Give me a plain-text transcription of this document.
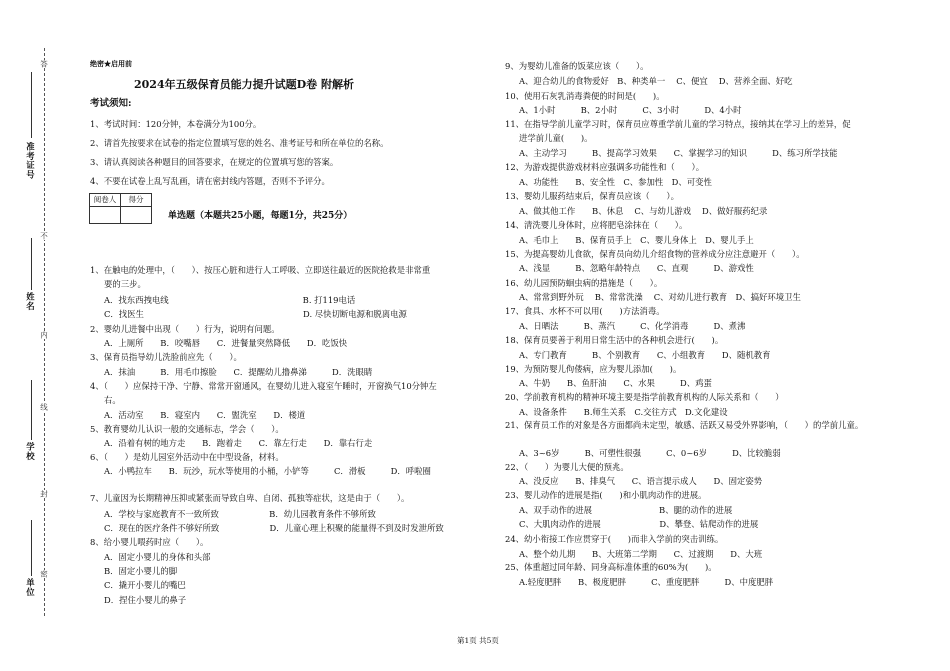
答
不
内
线
封
密
准考证号
姓名
学校
单位
绝密★启用前
2024年五级保育员能力提升试题D卷 附解析
考试须知:
1、考试时间：120分钟，本卷满分为100分。
2、请首先按要求在试卷的指定位置填写您的姓名、准考证号和所在单位的名称。
3、请认真阅读各种题目的回答要求，在规定的位置填写您的答案。
4、不要在试卷上乱写乱画，请在密封线内答题，否则不予评分。
阅卷人	得分

单选题（本题共25小题，每题1分，共25分）
1、在触电的处理中，（　　）、按压心脏和进行人工呼吸、立即送往最近的医院抢救是非常重
要的三步。
A．找东西拽电线　　　　　　　　　　　　　　　　B. 打119电话
C．找医生　　　　　　　　　　　　　　　　　　　D. 尽快切断电源和脱离电源
2、婴幼儿进餐中出现（　　）行为，说明有问题。
A．上厕所　　B．咬嘴唇　　C．进餐量突然降低　　D．吃饭快
3、保育员指导幼儿洗脸前应先（　　）。
A．抹油　　　B．用毛巾擦脸　　C．提醒幼儿撸鼻涕　　　D．洗眼睛
4、（　　）应保持干净、宁静、常常开窗通风，在婴幼儿进入寝室午睡时，开窗换气10分钟左
右。
A．活动室　　B．寝室内　　C．盥洗室　　D．楼道
5、教育婴幼儿认识一般的交通标志，学会（　　）。
A．沿着有树的地方走　　B．跑着走　　C．靠左行走　　D．靠右行走
6、（　　）是幼儿园室外活动中在中型设备，材料。
A．小鸭拉车　　B．玩沙，玩水等使用的小桶，小铲等　　　C．滑板　　　D．呼啦圈
7、儿童因为长期精神压抑或紧张而导致自卑、自闭、孤独等症状，这是由于（　　）。
A．学校与家庭教育不一致所致　　　　　　B．幼儿园教育条件不够所致
C．现在的医疗条件不够好所致　　　　　　D．儿童心理上积聚的能量得不到及时发泄所致
8、给小婴儿喂药时应（　　）。
A．固定小婴儿的身体和头部
B．固定小婴儿的脚
C．撬开小婴儿的嘴巴
D．捏住小婴儿的鼻子
9、为婴幼儿准备的饭菜应该（　　）。
A、迎合幼儿的食物爱好　B、种类单一　 C、便宜　 D、营养全面、好吃
10、使用石灰乳消毒粪便的时间是(　　)。
A、1小时　　　B、2小时　　　C、3小时　　　D、4小时
11、在指导学前儿童学习时，保育员应尊重学前儿童的学习特点，接纳其在学习上的差异，促
进学前儿童(　　)。
A、主动学习　　　B、提高学习效果　　C、掌握学习的知识　　　D、练习所学技能
12、为游戏提供游戏材料应强调多功能性和（　　）。
A、功能性　　B、安全性　C、参加性　D、可变性
13、婴幼儿服药结束后，保育员应该（　　）。
A、做其他工作　　B、休息　 C、与幼儿游戏　 D、做好服药纪录
14、清洗婴儿身体时，应将肥皂涂抹在（　　）。
A、毛巾上　　B、保育员手上　C、婴儿身体上　D、婴儿手上
15、为提高婴幼儿食欲，保育员向幼儿介绍食物的营养成分应注意避开（　　）。
A、浅显　　　B、忽略年龄特点　　C、直观　　　D、游戏性
16、幼儿园预防蛔虫病的措施是（　　）。
A、常常到野外玩　 B、常常洗澡　 C、对幼儿进行教育　D、搞好环境卫生
17、食具、水杯不可以用(　　)方法消毒。
A、日晒法　　　B、蒸汽　　　C、化学消毒　　　D、煮沸
18、保育员要善于利用日常生活中的各种机会进行(　　)。
A、专门教育　　　B、个别教育　　C、小组教育　　D、随机教育
19、为预防婴儿佝偻病，应为婴儿添加(　　)。
A、牛奶　　B、鱼肝油　　C、水果　　　D、鸡蛋
20、学前教育机构的精神环境主要是指学前教育机构的人际关系和（　　）
A、设备条件　　B.师生关系　C.交往方式　D.文化建设
21、保育员工作的对象是各方面都尚未定型，敏感、活跃又易受外界影响，（　　）的学前儿童。
A、3~6岁　　　B、可塑性很强　　　C、0~6岁　　　D、比较脆弱
22、（　　）为婴儿大便的预兆。
A、没反应　　B、排臭气　　C、语言提示成人　　D、固定姿势
23、婴儿动作的进展是指(　　)和小肌肉动作的进展。
A、双手动作的进展　　　　　　　　B、腿的动作的进展
C、大肌肉动作的进展　　　　　　　D、攀登、钻爬动作的进展
24、幼小衔接工作应贯穿于(　　)而非入学前的突击训练。
A、整个幼儿期　　B、大班第二学期　　C、过渡期　　D、大班
25、体重超过同年龄、同身高标准体重的60%为(　　)。
A.轻度肥胖　　B、极度肥胖　　　C、重度肥胖　　　D、中度肥胖
第1页 共5页
